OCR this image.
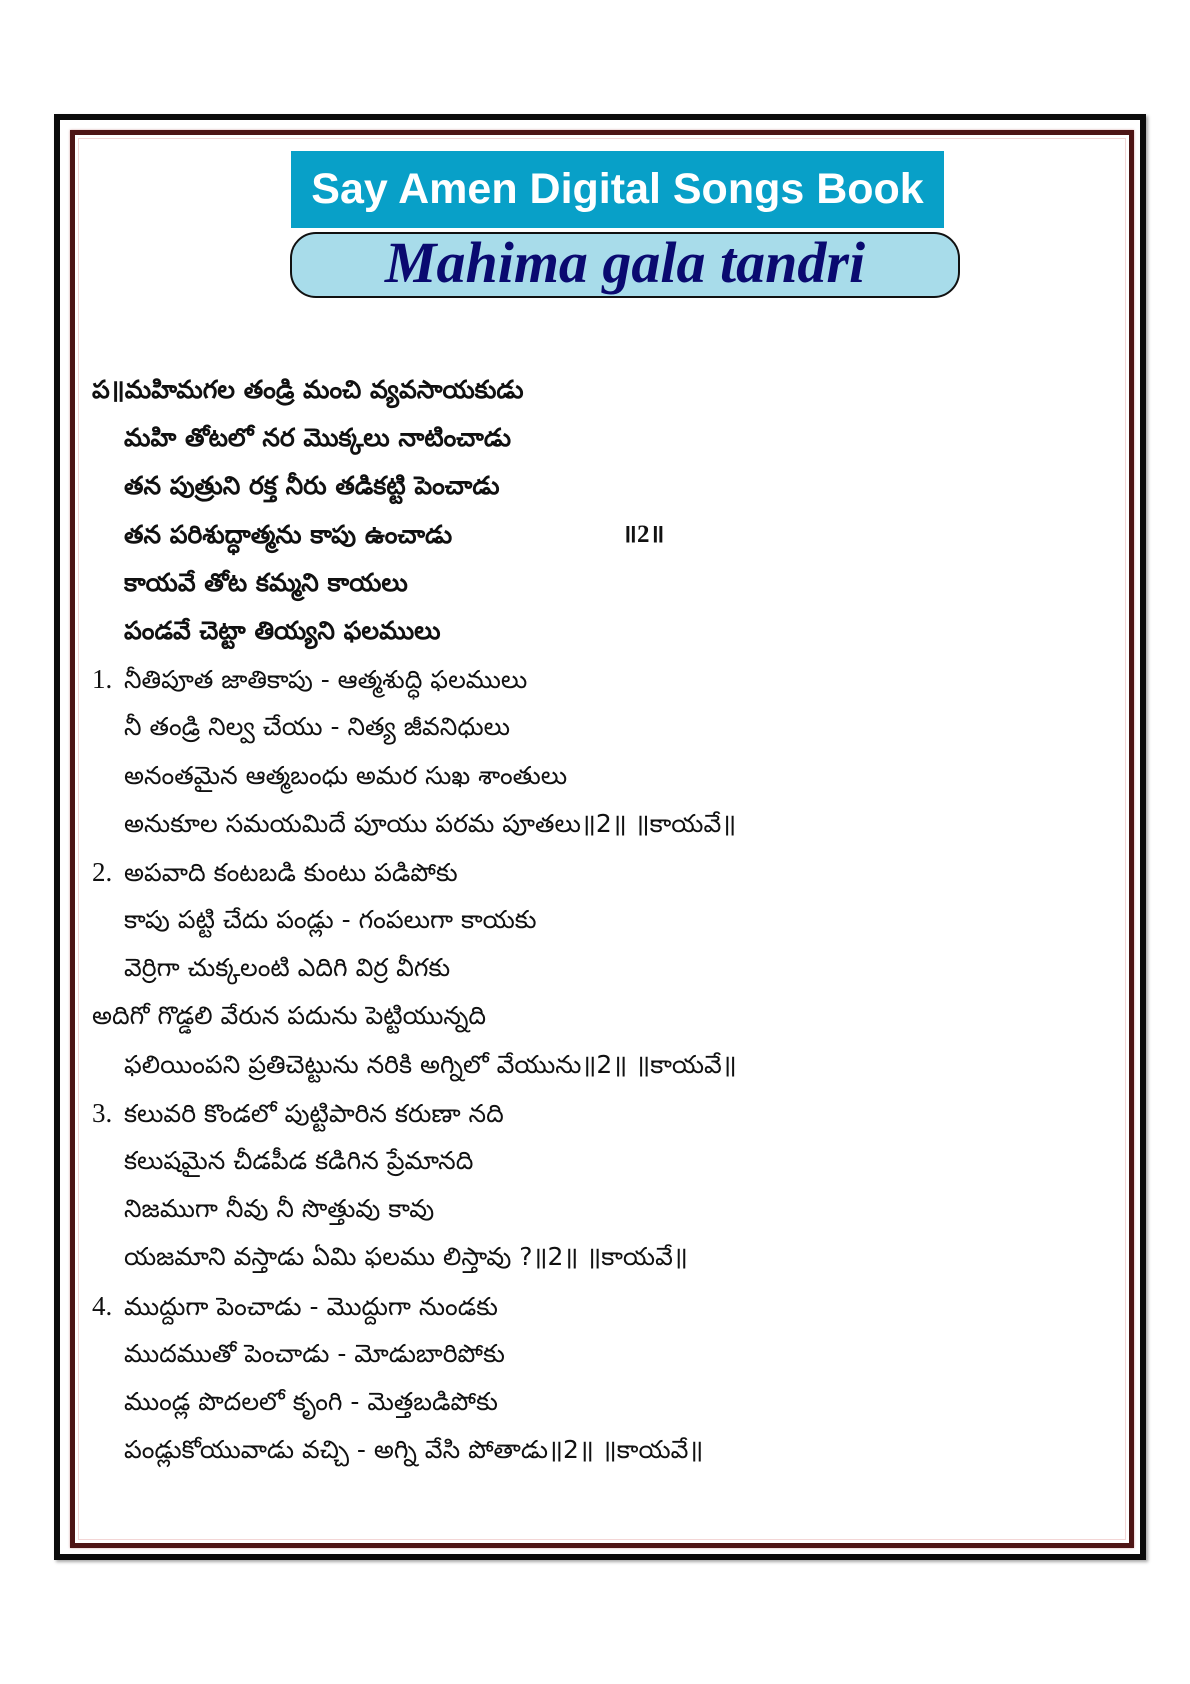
Say Amen Digital Songs Book
Mahima gala tandri
ప॥మహిమగల తండ్రి మంచి వ్యవసాయకుడు
మహి తోటలో నర మొక్కలు నాటించాడు
తన పుత్రుని రక్త నీరు తడికట్టి పెంచాడు
తన పరిశుద్ధాత్మను కాపు ఉంచాడు	॥2॥
కాయవే తోట కమ్మని కాయలు
పండవే చెట్టా తియ్యని ఫలములు
1. నీతిపూత జాతికాపు - ఆత్మశుద్ధి ఫలములు
నీ తండ్రి నిల్వ చేయు - నిత్య జీవనిధులు
అనంతమైన ఆత్మబంధు అమర సుఖ శాంతులు
అనుకూల సమయమిదే పూయు పరమ పూతలు॥2॥ ॥కాయవే॥
2. అపవాది కంటబడి కుంటు పడిపోకు
కాపు పట్టి చేదు పండ్లు - గంపలుగా కాయకు
వెర్రిగా చుక్కలంటి ఎదిగి విర్ర వీగకు
అదిగో గొడ్డలి వేరున పదును పెట్టియున్నది
ఫలియింపని ప్రతిచెట్టును నరికి అగ్నిలో వేయును॥2॥ ॥కాయవే॥
3. కలువరి కొండలో పుట్టిపారిన కరుణా నది
కలుషమైన చీడపీడ కడిగిన ప్రేమానది
నిజముగా నీవు నీ సొత్తువు కావు
యజమాని వస్తాడు ఏమి ఫలము లిస్తావు ?॥2॥ ॥కాయవే॥
4. ముద్దుగా పెంచాడు - మొద్దుగా నుండకు
ముదముతో పెంచాడు - మోడుబారిపోకు
ముండ్ల పొదలలో కృంగి - మెత్తబడిపోకు
పండ్లుకోయువాడు వచ్చి - అగ్ని వేసి పోతాడు॥2॥ ॥కాయవే॥
